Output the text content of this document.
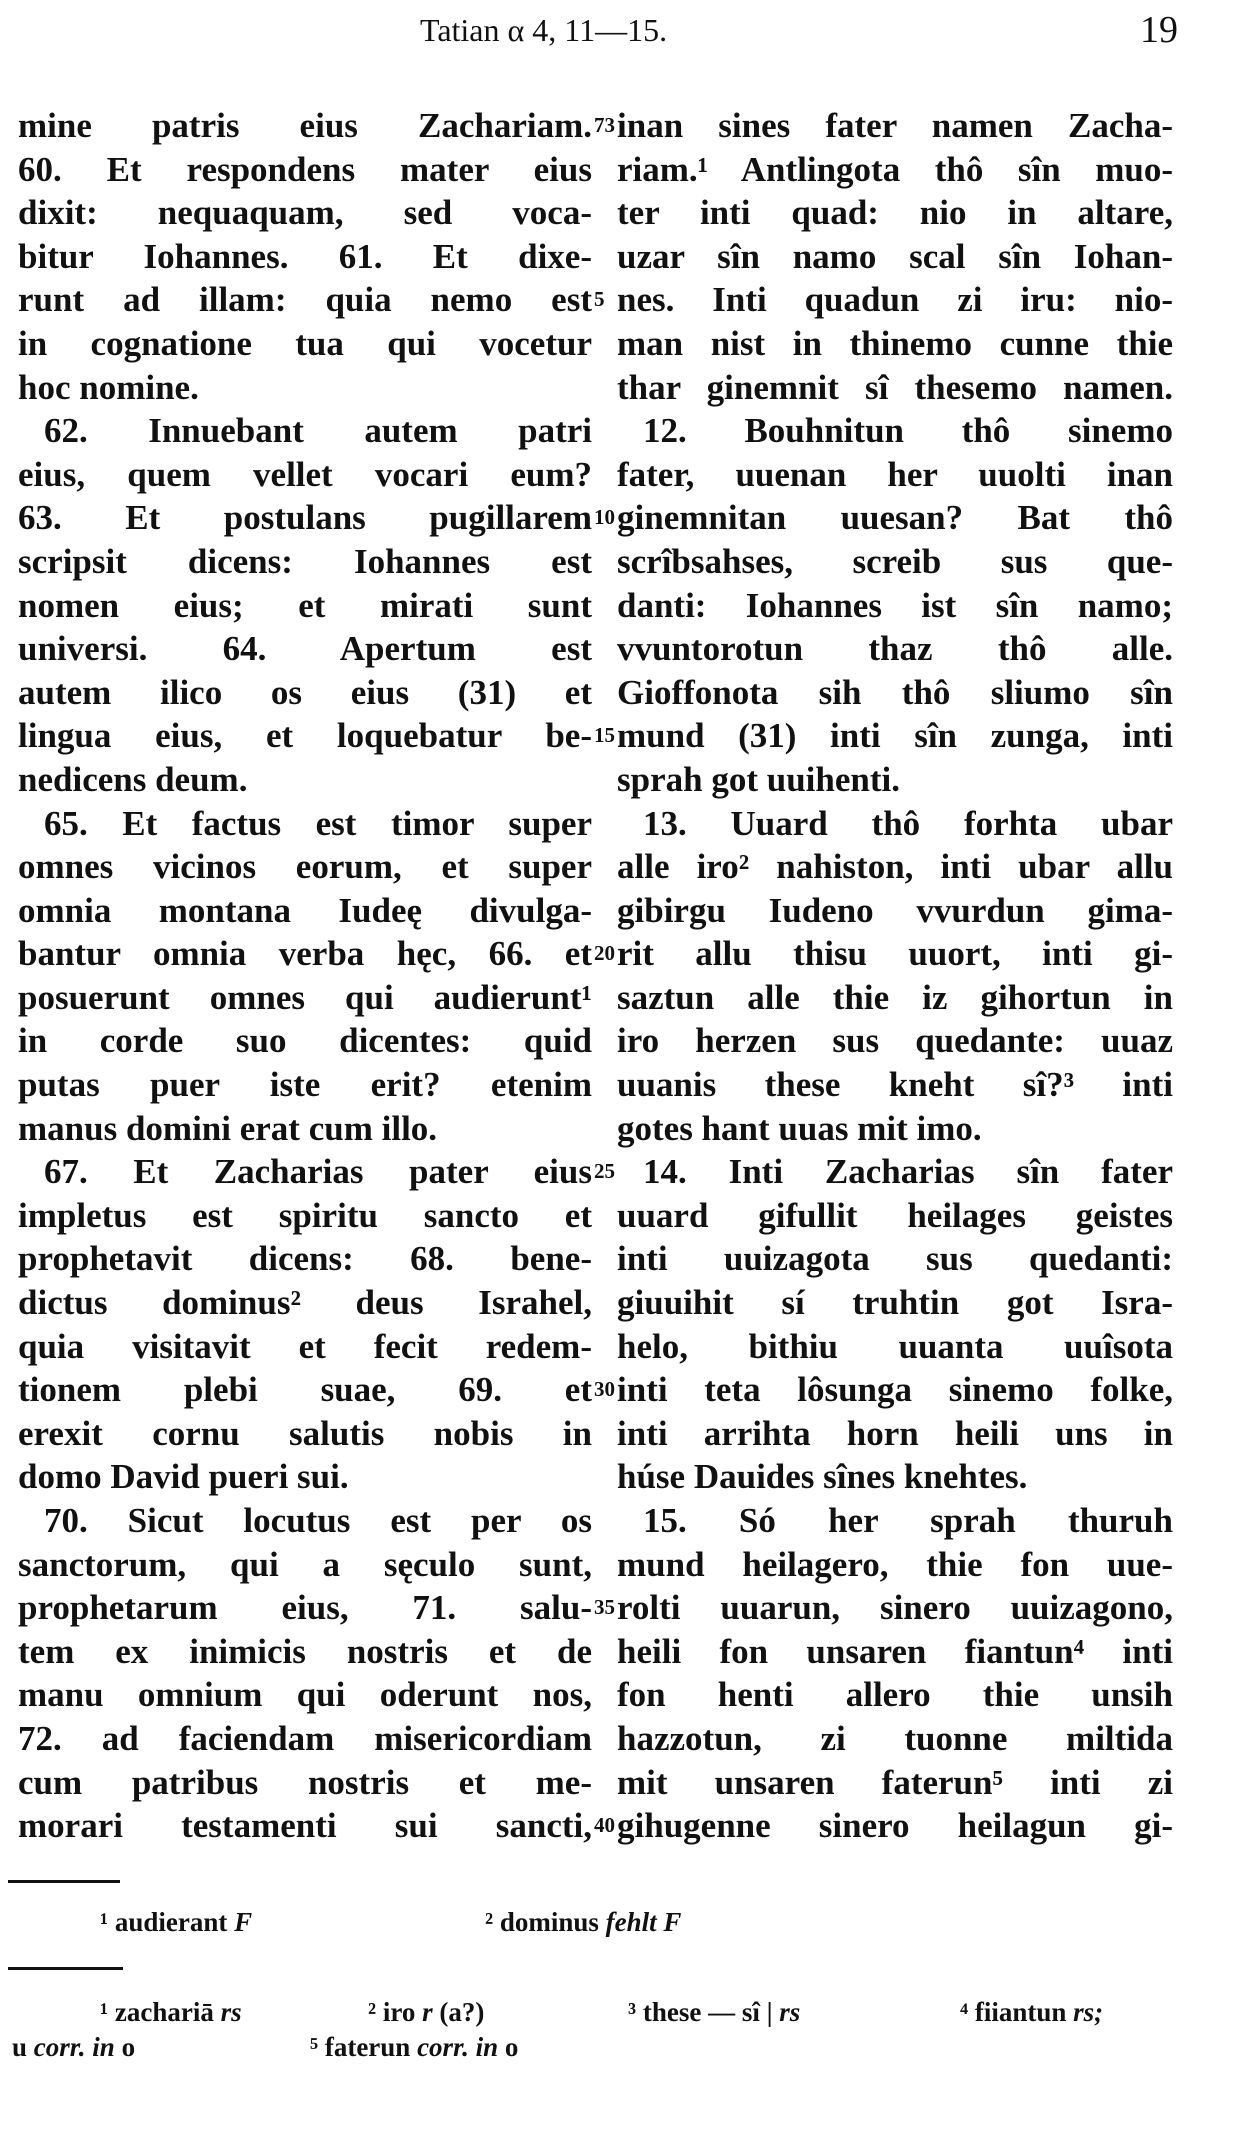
Tatian α 4, 11—15.	19
mine patris eius Zachariam.
60. Et respondens mater eius
dixit: nequaquam, sed voca-
bitur Iohannes. 61. Et dixe-
runt ad illam: quia nemo est
in cognatione tua qui vocetur
hoc nomine.
62. Innuebant autem patri
eius, quem vellet vocari eum?
63. Et postulans pugillarem
scripsit dicens: Iohannes est
nomen eius; et mirati sunt
universi. 64. Apertum est
autem ilico os eius (31) et
lingua eius, et loquebatur be-
nedicens deum.
65. Et factus est timor super
omnes vicinos eorum, et super
omnia montana Iudeę divulga-
bantur omnia verba hęc, 66. et
posuerunt omnes qui audierunt¹
in corde suo dicentes: quid
putas puer iste erit? etenim
manus domini erat cum illo.
67. Et Zacharias pater eius
impletus est spiritu sancto et
prophetavit dicens: 68. bene-
dictus dominus² deus Israhel,
quia visitavit et fecit redem-
tionem plebi suae, 69. et
erexit cornu salutis nobis in
domo David pueri sui.
70. Sicut locutus est per os
sanctorum, qui a sęculo sunt,
prophetarum eius, 71. salu-
tem ex inimicis nostris et de
manu omnium qui oderunt nos,
72. ad faciendam misericordiam
cum patribus nostris et me-
morari testamenti sui sancti,
73
5
10
15
20
25
30
35
40
inan sines fater namen Zacha-
riam.¹ Antlingota thô sîn muo-
ter inti quad: nio in altare,
uzar sîn namo scal sîn Iohan-
nes. Inti quadun zi iru: nio-
man nist in thinemo cunne thie
thar ginemnit sî thesemo namen.
12. Bouhnitun thô sinemo
fater, uuenan her uuolti inan
ginemnitan uuesan? Bat thô
scrîbsahses, screib sus que-
danti: Iohannes ist sîn namo;
vvuntorotun thaz thô alle.
Gioffonota sih thô sliumo sîn
mund (31) inti sîn zunga, inti
sprah got uuihenti.
13. Uuard thô forhta ubar
alle iro² nahiston, inti ubar allu
gibirgu Iudeno vvurdun gima-
rit allu thisu uuort, inti gi-
saztun alle thie iz gihortun in
iro herzen sus quedante: uuaz
uuanis these kneht sî?³ inti
gotes hant uuas mit imo.
14. Inti Zacharias sîn fater
uuard gifullit heilages geistes
inti uuizagota sus quedanti:
giuuihit sí truhtin got Isra-
helo, bithiu uuanta uuîsota
inti teta lôsunga sinemo folke,
inti arrihta horn heili uns in
húse Dauides sînes knehtes.
15. Só her sprah thuruh
mund heilagero, thie fon uue-
rolti uuarun, sinero uuizagono,
heili fon unsaren fiantun⁴ inti
fon henti allero thie unsih
hazzotun, zi tuonne miltida
mit unsaren faterun⁵ inti zi
gihugenne sinero heilagun gi-
¹ audierant F	² dominus fehlt F
¹ zachariā rs	² iro r (a?)	³ these — sî | rs	⁴ fiiantun rs;
u corr. in o	⁵ faterun corr. in o
